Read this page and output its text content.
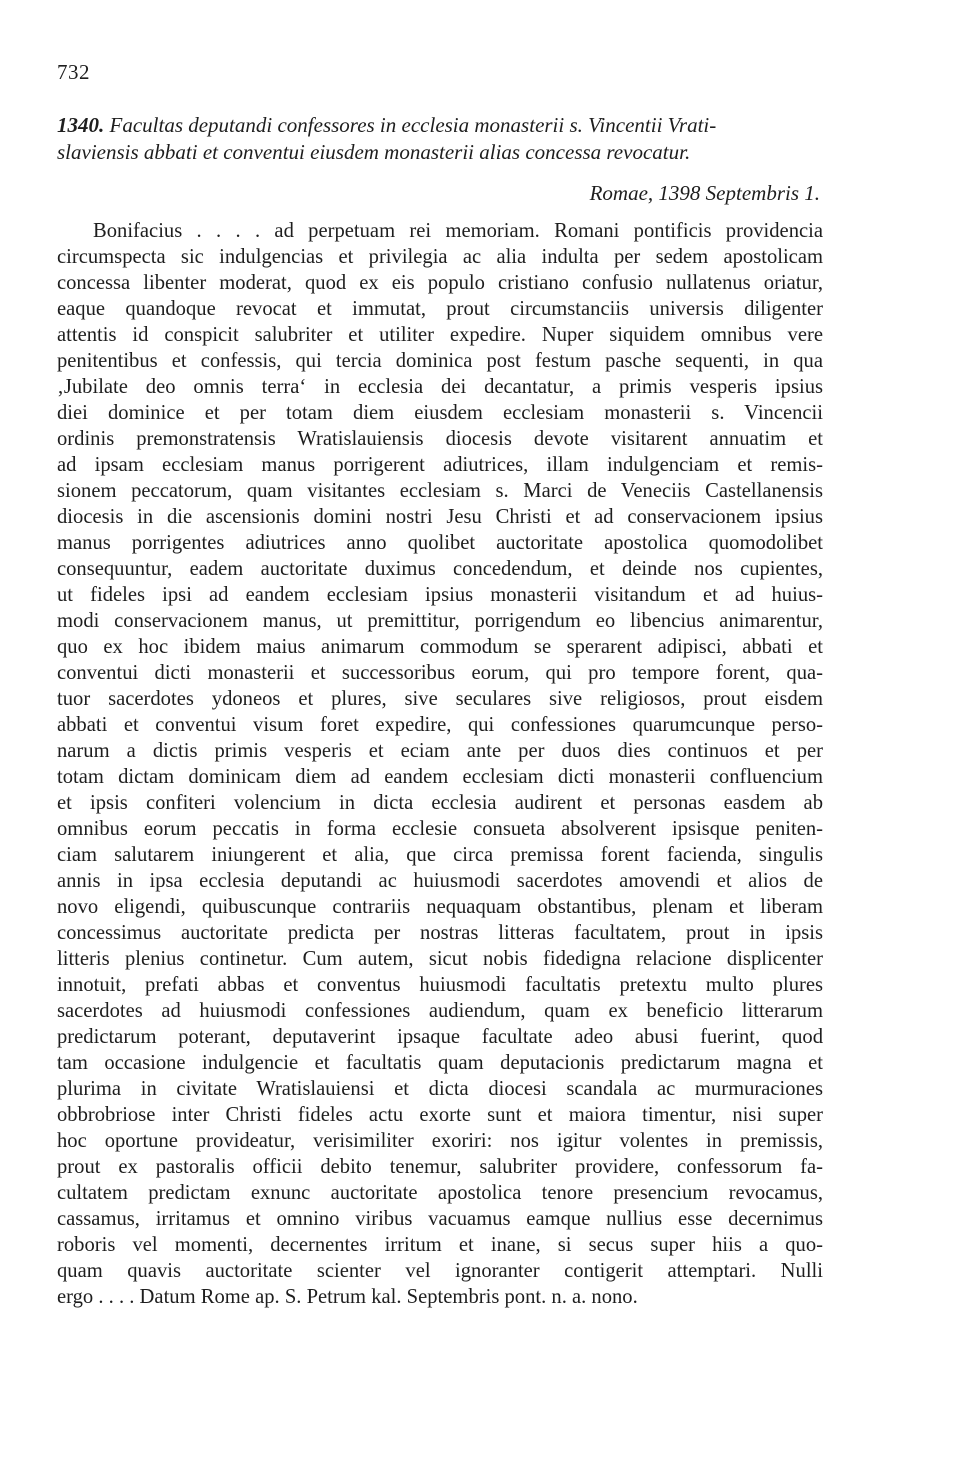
732
1340. Facultas deputandi confessores in ecclesia monasterii s. Vincentii Vrati-
slaviensis abbati et conventui eiusdem monasterii alias concessa revocatur.
Romae, 1398 Septembris 1.
Bonifacius . . . . ad perpetuam rei memoriam. Romani pontificis providencia
circumspecta sic indulgencias et privilegia ac alia indulta per sedem apostolicam
concessa libenter moderat, quod ex eis populo cristiano confusio nullatenus oriatur,
eaque quandoque revocat et immutat, prout circumstanciis universis diligenter
attentis id conspicit salubriter et utiliter expedire. Nuper siquidem omnibus vere
penitentibus et confessis, qui tercia dominica post festum pasche sequenti, in qua
‚Jubilate deo omnis terra‘ in ecclesia dei decantatur, a primis vesperis ipsius
diei dominice et per totam diem eiusdem ecclesiam monasterii s. Vincencii
ordinis premonstratensis Wratislauiensis diocesis devote visitarent annuatim et
ad ipsam ecclesiam manus porrigerent adiutrices, illam indulgenciam et remis-
sionem peccatorum, quam visitantes ecclesiam s. Marci de Veneciis Castellanensis
diocesis in die ascensionis domini nostri Jesu Christi et ad conservacionem ipsius
manus porrigentes adiutrices anno quolibet auctoritate apostolica quomodolibet
consequuntur, eadem auctoritate duximus concedendum, et deinde nos cupientes,
ut fideles ipsi ad eandem ecclesiam ipsius monasterii visitandum et ad huius-
modi conservacionem manus, ut premittitur, porrigendum eo libencius animarentur,
quo ex hoc ibidem maius animarum commodum se sperarent adipisci, abbati et
conventui dicti monasterii et successoribus eorum, qui pro tempore forent, qua-
tuor sacerdotes ydoneos et plures, sive seculares sive religiosos, prout eisdem
abbati et conventui visum foret expedire, qui confessiones quarumcunque perso-
narum a dictis primis vesperis et eciam ante per duos dies continuos et per
totam dictam dominicam diem ad eandem ecclesiam dicti monasterii confluencium
et ipsis confiteri volencium in dicta ecclesia audirent et personas easdem ab
omnibus eorum peccatis in forma ecclesie consueta absolverent ipsisque peniten-
ciam salutarem iniungerent et alia, que circa premissa forent facienda, singulis
annis in ipsa ecclesia deputandi ac huiusmodi sacerdotes amovendi et alios de
novo eligendi, quibuscunque contrariis nequaquam obstantibus, plenam et liberam
concessimus auctoritate predicta per nostras litteras facultatem, prout in ipsis
litteris plenius continetur. Cum autem, sicut nobis fidedigna relacione displicenter
innotuit, prefati abbas et conventus huiusmodi facultatis pretextu multo plures
sacerdotes ad huiusmodi confessiones audiendum, quam ex beneficio litterarum
predictarum poterant, deputaverint ipsaque facultate adeo abusi fuerint, quod
tam occasione indulgencie et facultatis quam deputacionis predictarum magna et
plurima in civitate Wratislauiensi et dicta diocesi scandala ac murmuraciones
obbrobriose inter Christi fideles actu exorte sunt et maiora timentur, nisi super
hoc oportune provideatur, verisimiliter exoriri: nos igitur volentes in premissis,
prout ex pastoralis officii debito tenemur, salubriter providere, confessorum fa-
cultatem predictam exnunc auctoritate apostolica tenore presencium revocamus,
cassamus, irritamus et omnino viribus vacuamus eamque nullius esse decernimus
roboris vel momenti, decernentes irritum et inane, si secus super hiis a quo-
quam quavis auctoritate scienter vel ignoranter contigerit attemptari. Nulli
ergo . . . . Datum Rome ap. S. Petrum kal. Septembris pont. n. a. nono.
